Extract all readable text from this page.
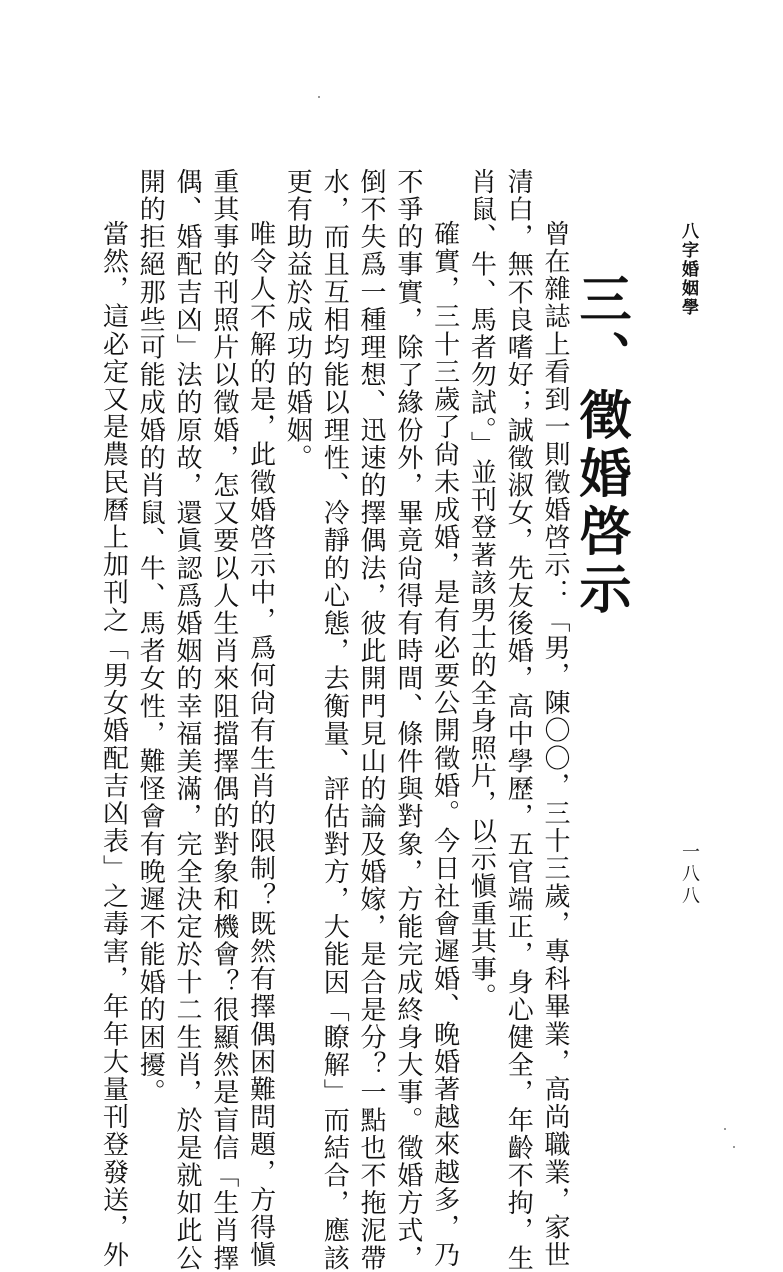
八字婚姻學
一八八
三、徵婚啓示

曾在雜誌上看到一則徵婚啓示：「男，陳〇〇，三十三歲，專科畢業，高尚職業，家世

清白，無不良嗜好；誠徵淑女，先友後婚，高中學歷，五官端正，身心健全，年齡不拘，生

肖鼠、牛、馬者勿試。」並刊登著該男士的全身照片，以示愼重其事。

確實，三十三歲了尙未成婚，是有必要公開徵婚。今日社會遲婚、晚婚著越來越多，乃

不爭的事實，除了緣份外，畢竟尙得有時間、條件與對象，方能完成終身大事。徵婚方式，

倒不失爲一種理想、迅速的擇偶法，彼此開門見山的論及婚嫁，是合是分？一點也不拖泥帶

水，而且互相均能以理性、冷靜的心態，去衡量、評估對方，大能因「瞭解」而結合，應該

更有助益於成功的婚姻。

唯令人不解的是，此徵婚啓示中，爲何尙有生肖的限制？既然有擇偶困難問題，方得愼

重其事的刊照片以徵婚，怎又要以人生肖來阻擋擇偶的對象和機會？很顯然是盲信「生肖擇

偶、婚配吉凶」法的原故，還眞認爲婚姻的幸福美滿，完全決定於十二生肖，於是就如此公

開的拒絕那些可能成婚的肖鼠、牛、馬者女性，難怪會有晚遲不能婚的困擾。

當然，這必定又是農民曆上加刊之「男女婚配吉凶表」之毒害，年年大量刊登發送，外
